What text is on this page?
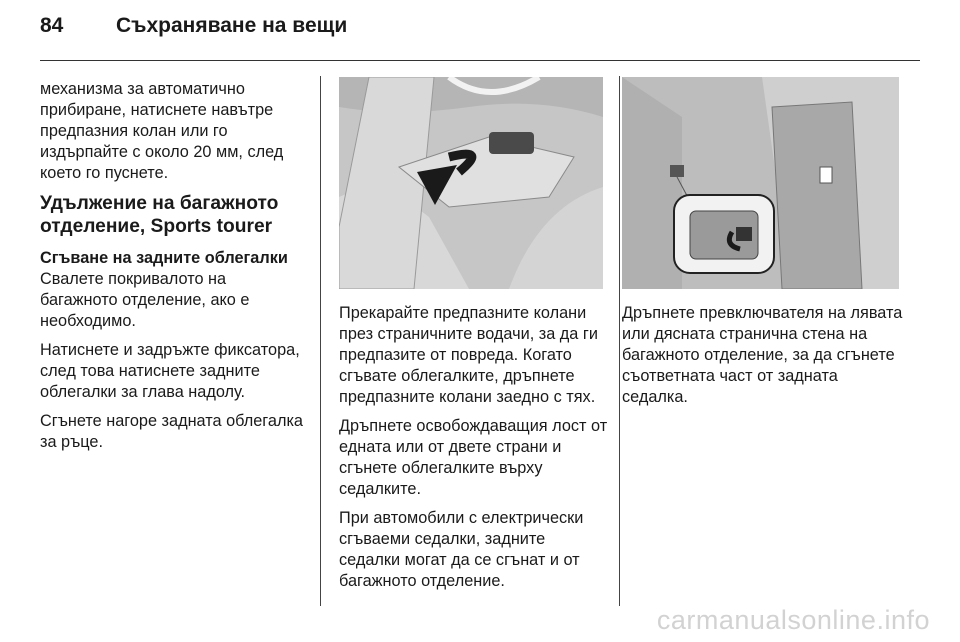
84	Съхраняване на вещи

механизма за автоматично прибиране, натиснете навътре предпазния колан или го издърпайте с около 20 мм, след което го пуснете.

Удължение на багажното отделение, Sports tourer
Сгъване на задните облегалки

Свалете покривалото на багажното отделение, ако е необходимо.

Натиснете и задръжте фиксатора, след това натиснете задните облегалки за глава надолу.

Сгънете нагоре задната облегалка за ръце.

Прекарайте предпазните колани през страничните водачи, за да ги предпазите от повреда. Когато сгъвате облегалките, дръпнете предпазните колани заедно с тях.

Дръпнете освобождаващия лост от едната или от двете страни и сгънете облегалките върху седалките.

При автомобили с електрически сгъваеми седалки, задните седалки могат да се сгънат и от багажното отделение.

Дръпнете превключвателя на лявата или дясната странична стена на багажното отделение, за да сгънете съответната част от задната седалка.

carmanualsonline.info
